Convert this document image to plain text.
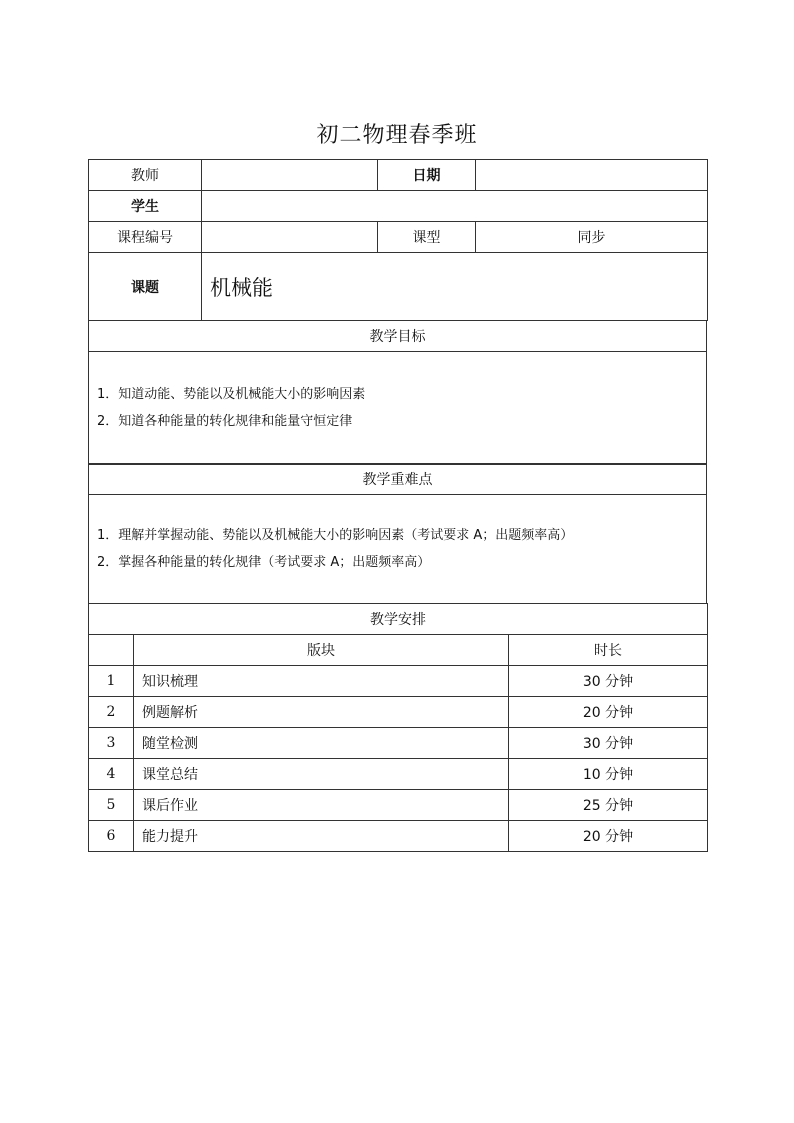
初二物理春季班
教师		日期	
学生			
课程编号		课型	同步
课题	机械能		
教学目标

1．知道动能、势能以及机械能大小的影响因素

2．知道各种能量的转化规律和能量守恒定律

教学重难点

1．理解并掌握动能、势能以及机械能大小的影响因素（考试要求 A；出题频率高）

2．掌握各种能量的转化规律（考试要求 A；出题频率高）

教学安排		
	版块	时长
1	知识梳理	30 分钟
2	例题解析	20 分钟
3	随堂检测	30 分钟
4	课堂总结	10 分钟
5	课后作业	25 分钟
6	能力提升	20 分钟
